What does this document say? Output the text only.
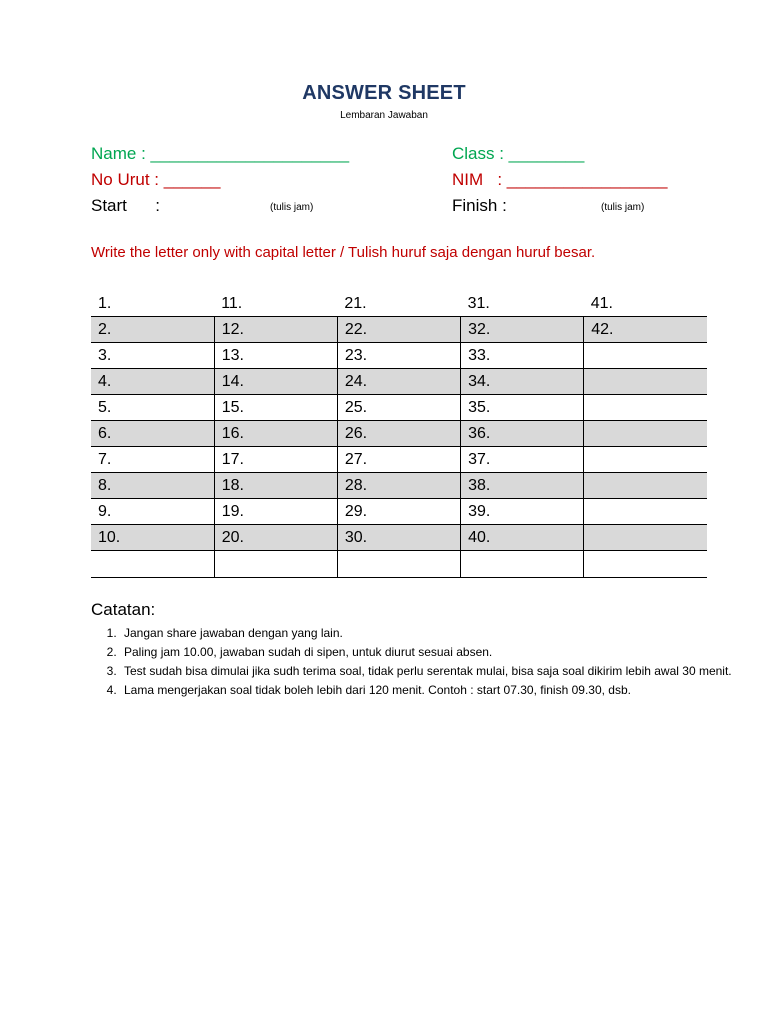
ANSWER SHEET
Lembaran Jawaban
Name : _____________________	Class : ________
No Urut : ______	NIM   : _________________
Start      :	(tulis jam)	Finish :	(tulis jam)
Write the letter only with capital letter / Tulish huruf saja dengan huruf besar.
1.	11.	21.	31.	41.
2.	12.	22.	32.	42.
3.	13.	23.	33.	
4.	14.	24.	34.	
5.	15.	25.	35.	
6.	16.	26.	36.	
7.	17.	27.	37.	
8.	18.	28.	38.	
9.	19.	29.	39.	
10.	20.	30.	40.	

Catatan:
1. Jangan share jawaban dengan yang lain.
2. Paling jam 10.00, jawaban sudah di sipen, untuk diurut sesuai absen.
3. Test sudah bisa dimulai jika sudh terima soal, tidak perlu serentak mulai, bisa saja soal dikirim lebih awal 30 menit.
4. Lama mengerjakan soal tidak boleh lebih dari 120 menit. Contoh : start 07.30, finish 09.30, dsb.
